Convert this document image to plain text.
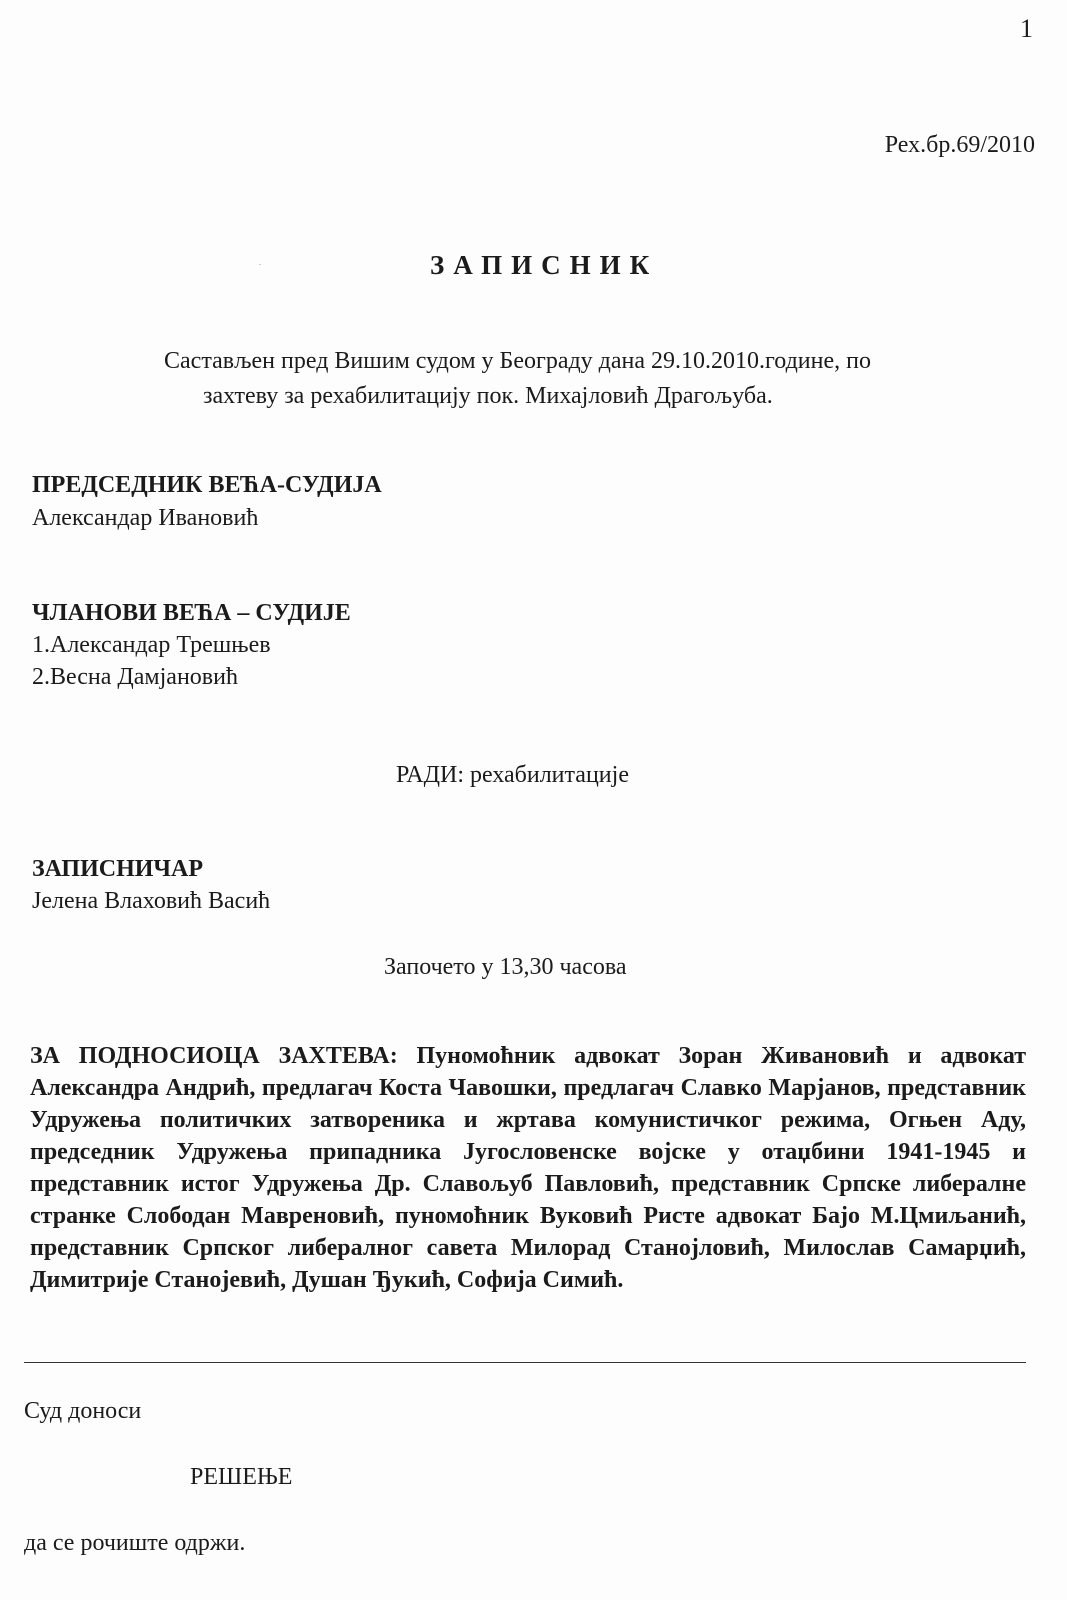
1
Рех.бр.69/2010
ЗАПИСНИК
Састављен пред Вишим судом у Београду дана 29.10.2010.године, по
захтеву за рехабилитацију пок. Михајловић Драгољуба.
ПРЕДСЕДНИК ВЕЋА-СУДИЈА
Александар Ивановић
ЧЛАНОВИ ВЕЋА – СУДИЈЕ
1.Александар Трешњев
2.Весна Дамјановић
РАДИ: рехабилитације
ЗАПИСНИЧАР
Јелена Влаховић Васић
Започето у 13,30 часова
ЗА ПОДНОСИОЦА ЗАХТЕВА: Пуномоћник адвокат Зоран Живановић и адвокат Александра Андрић, предлагач Коста Чавошки, предлагач Славко Марјанов, представник Удружења политичких затвореника и жртава комунистичког режима, Огњен Аду, председник Удружења припадника Југословенске војске у отаџбини 1941-1945 и представник истог Удружења Др. Славољуб Павловић, представник Српске либералне странке Слободан Мавреновић, пуномоћник Вуковић Ристе адвокат Бајо М.Цмиљанић, представник Српског либералног савета Милорад Станојловић, Милослав Самарџић, Димитрије Станојевић, Душан Ђукић, Софија Симић.
Суд доноси
РЕШЕЊЕ
да се рочиште одржи.
